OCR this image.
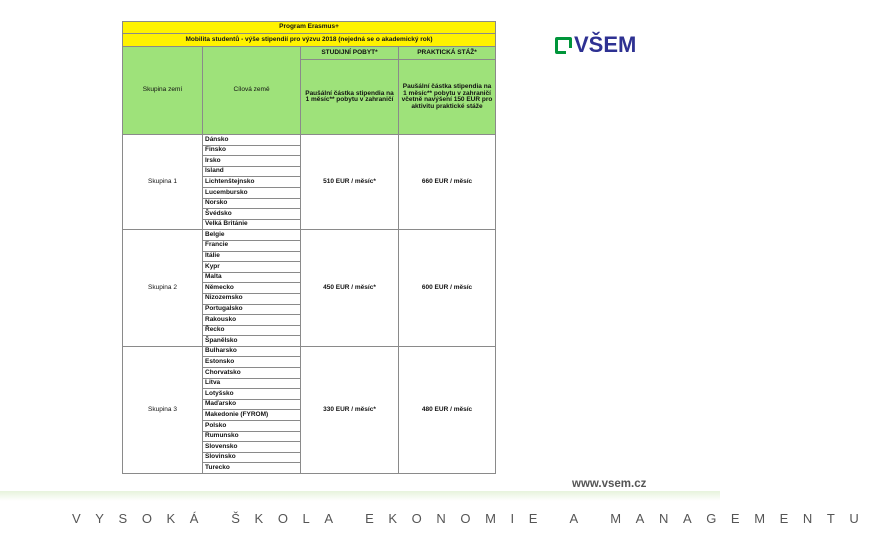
Program Erasmus+			
Mobilita studentů - výše stipendií pro výzvu 2018 (nejedná se o akademický rok)			
Skupina zemí	Cílová země	STUDIJNÍ POBYT*	PRAKTICKÁ STÁŽ*
		Paušální částka stipendia na 1 měsíc** pobytu v zahraničí	Paušální částka stipendia na 1 měsíc** pobytu v zahraničí včetně navýšení 150 EUR pro aktivitu praktické stáže
Skupina 1	Dánsko	510 EUR / měsíc*	660 EUR / měsíc
	Finsko		
	Irsko		
	Island		
	Lichtenštejnsko		
	Lucembursko		
	Norsko		
	Švédsko		
	Velká Británie		
Skupina 2	Belgie	450 EUR / měsíc*	600 EUR / měsíc
	Francie		
	Itálie		
	Kypr		
	Malta		
	Německo		
	Nizozemsko		
	Portugalsko		
	Rakousko		
	Řecko		
	Španělsko		
Skupina 3	Bulharsko	330 EUR / měsíc*	480 EUR / měsíc
	Estonsko		
	Chorvatsko		
	Litva		
	Lotyšsko		
	Maďarsko		
	Makedonie (FYROM)		
	Polsko		
	Rumunsko		
	Slovensko		
	Slovinsko		
	Turecko		
VŠEM
www.vsem.cz
VYSOKÁ ŠKOLA EKONOMIE A MANAGEMENTU
